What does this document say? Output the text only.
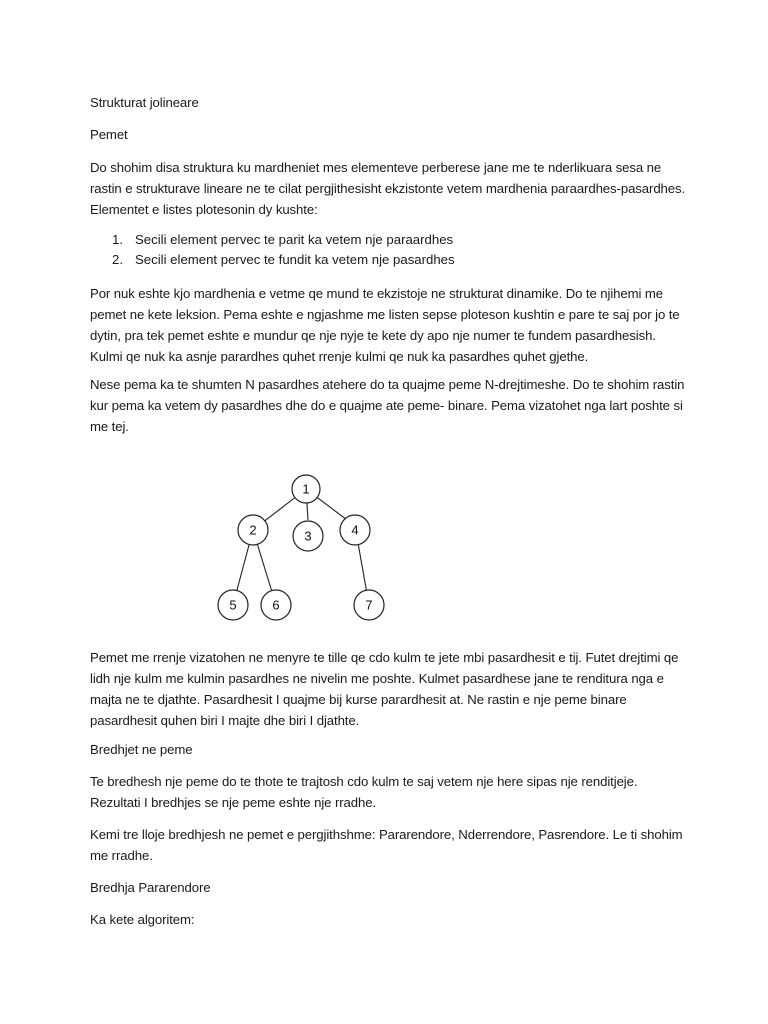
Strukturat jolineare

Pemet

Do shohim disa struktura ku mardheniet mes elementeve perberese jane me te nderlikuara sesa ne rastin e strukturave lineare ne te cilat pergjithesisht ekzistonte vetem mardhenia paraardhes-pasardhes. Elementet e listes plotesonin dy kushte:

1. Secili element pervec te parit ka vetem nje paraardhes
2. Secili element pervec te fundit ka vetem nje pasardhes

Por nuk eshte kjo mardhenia e vetme qe mund te ekzistoje ne strukturat dinamike. Do te njihemi me pemet ne kete leksion. Pema eshte e ngjashme me listen sepse ploteson kushtin e pare te saj por jo te dytin, pra tek pemet eshte e mundur qe nje nyje te kete dy apo nje numer te fundem pasardhesish. Kulmi qe nuk ka asnje parardhes quhet rrenje kulmi qe nuk ka pasardhes quhet gjethe.

Nese pema ka te shumten N pasardhes atehere do ta quajme peme N-drejtimeshe. Do te shohim rastin kur pema ka vetem dy pasardhes dhe do e quajme ate peme- binare. Pema vizatohet nga lart poshte si me tej.

1
2	3	4
5	6	7

Pemet me rrenje vizatohen ne menyre te tille qe cdo kulm te jete mbi pasardhesit e tij. Futet drejtimi qe lidh nje kulm me kulmin pasardhes ne nivelin me poshte. Kulmet pasardhese jane te renditura nga e majta ne te djathte. Pasardhesit I quajme bij kurse parardhesit at. Ne rastin e nje peme binare pasardhesit quhen biri I majte dhe biri I djathte.

Bredhjet ne peme

Te bredhesh nje peme do te thote te trajtosh cdo kulm te saj vetem nje here sipas nje renditjeje. Rezultati I bredhjes se nje peme eshte nje rradhe.

Kemi tre lloje bredhjesh ne pemet e pergjithshme: Pararendore, Nderrendore, Pasrendore. Le ti shohim me rradhe.

Bredhja Pararendore

Ka kete algoritem:
